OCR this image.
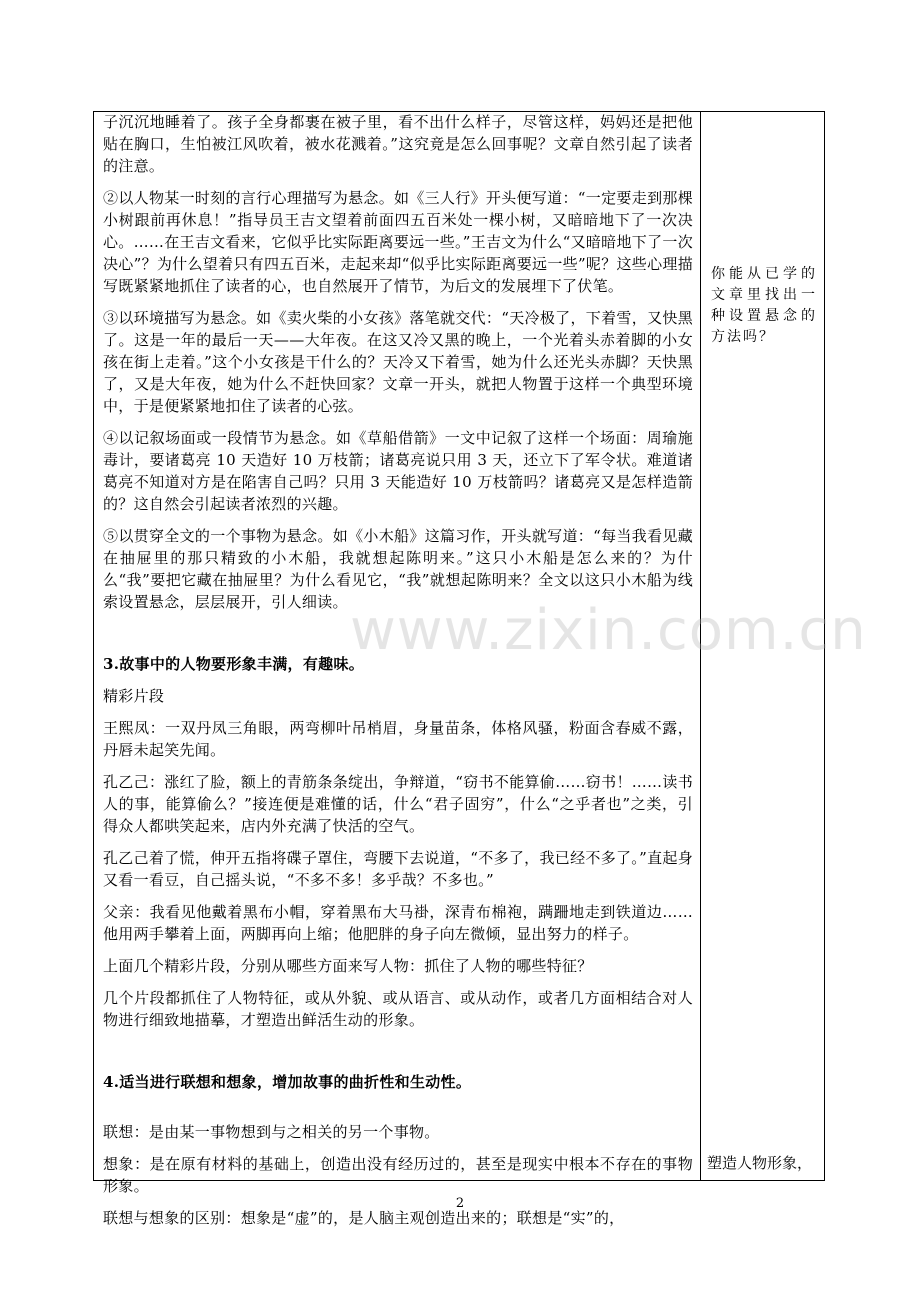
子沉沉地睡着了。孩子全身都裹在被子里，看不出什么样子，尽管这样，妈妈还是把他贴在胸口，生怕被江风吹着，被水花溅着。”这究竟是怎么回事呢？文章自然引起了读者的注意。

②以人物某一时刻的言行心理描写为悬念。如《三人行》开头便写道：“一定要走到那棵小树跟前再休息！”指导员王吉文望着前面四五百米处一棵小树，又暗暗地下了一次决心。……在王吉文看来，它似乎比实际距离要远一些。”王吉文为什么“又暗暗地下了一次决心”？为什么望着只有四五百米，走起来却“似乎比实际距离要远一些”呢？这些心理描写既紧紧地抓住了读者的心，也自然展开了情节，为后文的发展埋下了伏笔。

③以环境描写为悬念。如《卖火柴的小女孩》落笔就交代：“天冷极了，下着雪，又快黑了。这是一年的最后一天——大年夜。在这又冷又黑的晚上，一个光着头赤着脚的小女孩在街上走着。”这个小女孩是干什么的？天冷又下着雪，她为什么还光头赤脚？天快黑了，又是大年夜，她为什么不赶快回家？文章一开头，就把人物置于这样一个典型环境中，于是便紧紧地扣住了读者的心弦。

④以记叙场面或一段情节为悬念。如《草船借箭》一文中记叙了这样一个场面：周瑜施毒计，要诸葛亮 10 天造好 10 万枝箭；诸葛亮说只用 3 天，还立下了军令状。难道诸葛亮不知道对方是在陷害自己吗？只用 3 天能造好 10 万枝箭吗？诸葛亮又是怎样造箭的？这自然会引起读者浓烈的兴趣。

⑤以贯穿全文的一个事物为悬念。如《小木船》这篇习作，开头就写道：“每当我看见藏在抽屉里的那只精致的小木船，我就想起陈明来。”这只小木船是怎么来的？为什么“我”要把它藏在抽屉里？为什么看见它，“我”就想起陈明来？全文以这只小木船为线索设置悬念，层层展开，引人细读。

3.故事中的人物要形象丰满，有趣味。

精彩片段

王熙凤：一双丹凤三角眼，两弯柳叶吊梢眉，身量苗条，体格风骚，粉面含春威不露，丹唇未起笑先闻。

孔乙己：涨红了脸，额上的青筋条条绽出，争辩道，“窃书不能算偷……窃书！……读书人的事，能算偷么？”接连便是难懂的话，什么“君子固穷”，什么“之乎者也”之类，引得众人都哄笑起来，店内外充满了快活的空气。

孔乙己着了慌，伸开五指将碟子罩住，弯腰下去说道，“不多了，我已经不多了。”直起身又看一看豆，自己摇头说，“不多不多！多乎哉？不多也。”

父亲：我看见他戴着黑布小帽，穿着黑布大马褂，深青布棉袍，蹒跚地走到铁道边……他用两手攀着上面，两脚再向上缩；他肥胖的身子向左微倾，显出努力的样子。

上面几个精彩片段，分别从哪些方面来写人物：抓住了人物的哪些特征？

几个片段都抓住了人物特征，或从外貌、或从语言、或从动作，或者几方面相结合对人物进行细致地描摹，才塑造出鲜活生动的形象。

4.适当进行联想和想象，增加故事的曲折性和生动性。

联想：是由某一事物想到与之相关的另一个事物。

想象：是在原有材料的基础上，创造出没有经历过的，甚至是现实中根本不存在的事物形象。

联想与想象的区别：想象是“虚”的，是人脑主观创造出来的；联想是“实”的，

你能从已学的文章里找出一种设置悬念的方法吗？
塑造人物形象，
www.zixin.com.cn
2
